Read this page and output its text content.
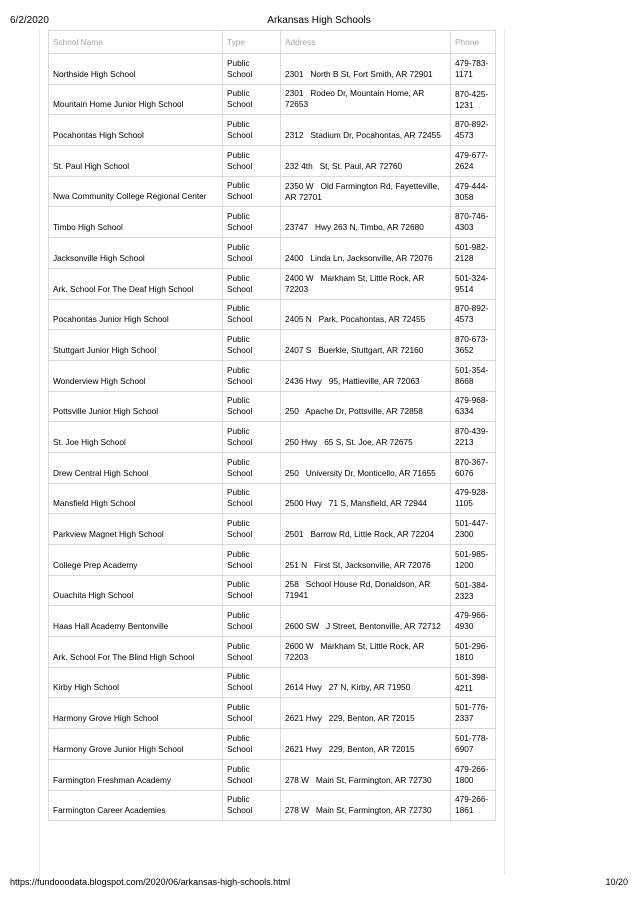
6/2/2020	Arkansas High Schools
School Name	Type	Address	Phone
Northside High School	Public  School	2301   North B St, Fort Smith, AR 72901	479-783-1171
Mountain Home Junior High School	Public  School	2301   Rodeo Dr, Mountain Home, AR 72653	870-425-1231
Pocahontas High School	Public  School	2312   Stadium Dr, Pocahontas, AR 72455	870-892-4573
St. Paul High School	Public  School	232 4th   St, St. Paul, AR 72760	479-677-2624
Nwa Community College Regional Center	Public  School	2350 W   Old Farmington Rd, Fayetteville, AR 72701	479-444-3058
Timbo High School	Public  School	23747   Hwy 263 N, Timbo, AR 72680	870-746-4303
Jacksonville High School	Public  School	2400   Linda Ln, Jacksonville, AR 72076	501-982-2128
Ark. School For The Deaf High School	Public  School	2400 W   Markham St, Little Rock, AR 72203	501-324-9514
Pocahontas Junior High School	Public  School	2405 N   Park, Pocahontas, AR 72455	870-892-4573
Stuttgart Junior High School	Public  School	2407 S   Buerkle, Stuttgart, AR 72160	870-673-3652
Wonderview High School	Public  School	2436 Hwy   95, Hattieville, AR 72063	501-354-8668
Pottsville Junior High School	Public  School	250   Apache Dr, Pottsville, AR 72858	479-968-6334
St. Joe High School	Public  School	250 Hwy   65 S, St. Joe, AR 72675	870-439-2213
Drew Central High School	Public  School	250   University Dr, Monticello, AR 71655	870-367-6076
Mansfield High School	Public  School	2500 Hwy   71 S, Mansfield, AR 72944	479-928-1105
Parkview Magnet High School	Public  School	2501   Barrow Rd, Little Rock, AR 72204	501-447-2300
College Prep Academy	Public  School	251 N   First St, Jacksonville, AR 72076	501-985-1200
Ouachita High School	Public  School	258   School House Rd, Donaldson, AR 71941	501-384-2323
Haas Hall Academy Bentonville	Public  School	2600 SW   J Street, Bentonville, AR 72712	479-966-4930
Ark. School For The Blind High School	Public  School	2600 W   Markham St, Little Rock, AR 72203	501-296-1810
Kirby High School	Public  School	2614 Hwy   27 N, Kirby, AR 71950	501-398-4211
Harmony Grove High School	Public  School	2621 Hwy   229, Benton, AR 72015	501-776-2337
Harmony Grove Junior High School	Public  School	2621 Hwy   229, Benton, AR 72015	501-778-6907
Farmington Freshman Academy	Public  School	278 W   Main St, Farmington, AR 72730	479-266-1800
Farmington Career Academies	Public  School	278 W   Main St, Farmington, AR 72730	479-266-1861
https://fundooodata.blogspot.com/2020/06/arkansas-high-schools.html	10/20
